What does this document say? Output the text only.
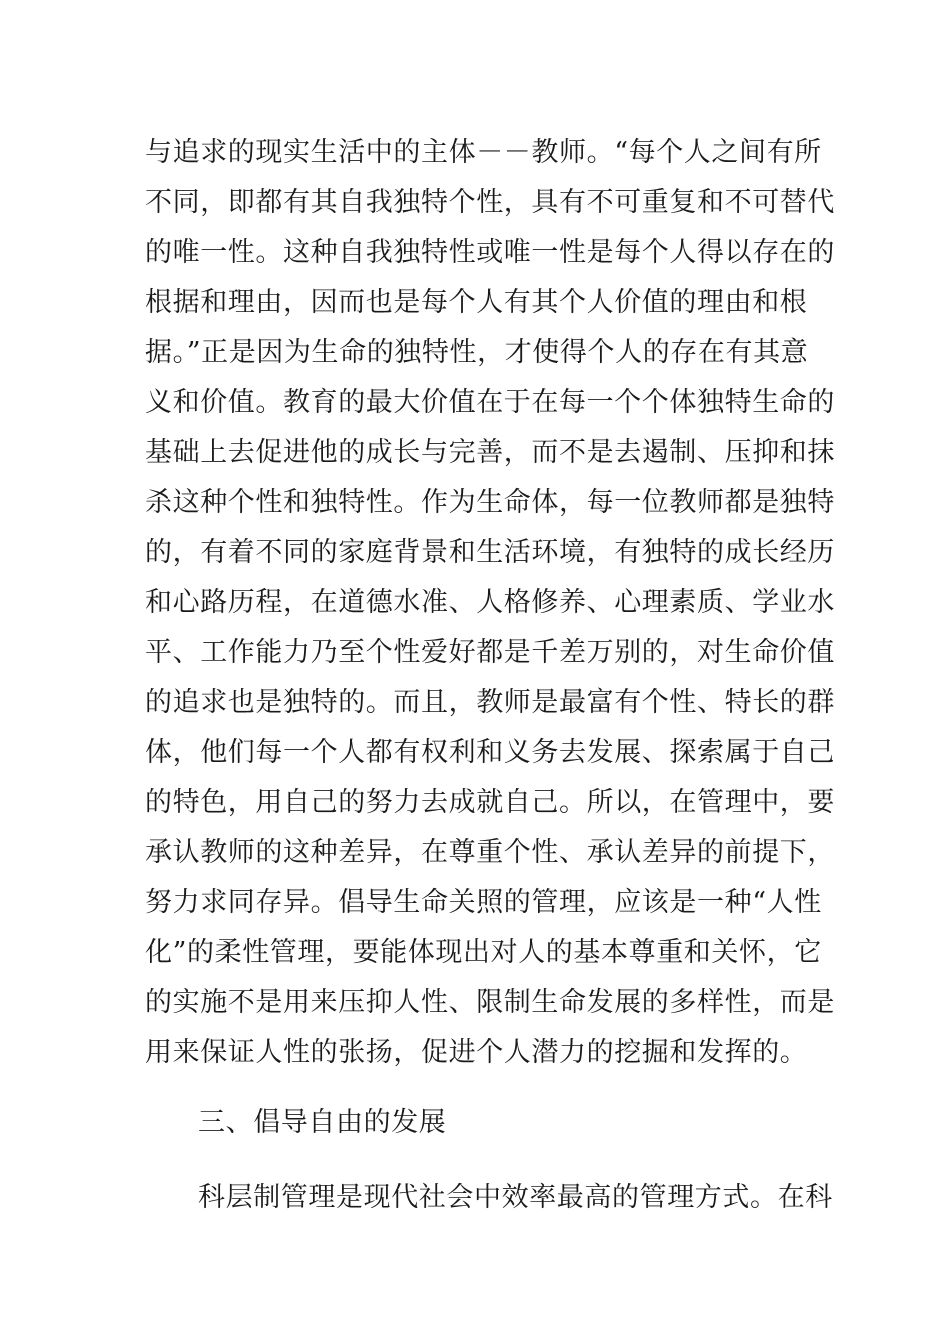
与追求的现实生活中的主体－－教师。“每个人之间有所
不同，即都有其自我独特个性，具有不可重复和不可替代
的唯一性。这种自我独特性或唯一性是每个人得以存在的
根据和理由，因而也是每个人有其个人价值的理由和根
据。”正是因为生命的独特性，才使得个人的存在有其意
义和价值。教育的最大价值在于在每一个个体独特生命的
基础上去促进他的成长与完善，而不是去遏制、压抑和抹
杀这种个性和独特性。作为生命体，每一位教师都是独特
的，有着不同的家庭背景和生活环境，有独特的成长经历
和心路历程，在道德水准、人格修养、心理素质、学业水
平、工作能力乃至个性爱好都是千差万别的，对生命价值
的追求也是独特的。而且，教师是最富有个性、特长的群
体，他们每一个人都有权利和义务去发展、探索属于自己
的特色，用自己的努力去成就自己。所以，在管理中，要
承认教师的这种差异，在尊重个性、承认差异的前提下，
努力求同存异。倡导生命关照的管理，应该是一种“人性
化”的柔性管理，要能体现出对人的基本尊重和关怀，它
的实施不是用来压抑人性、限制生命发展的多样性，而是
用来保证人性的张扬，促进个人潜力的挖掘和发挥的。
三、倡导自由的发展
科层制管理是现代社会中效率最高的管理方式。在科
